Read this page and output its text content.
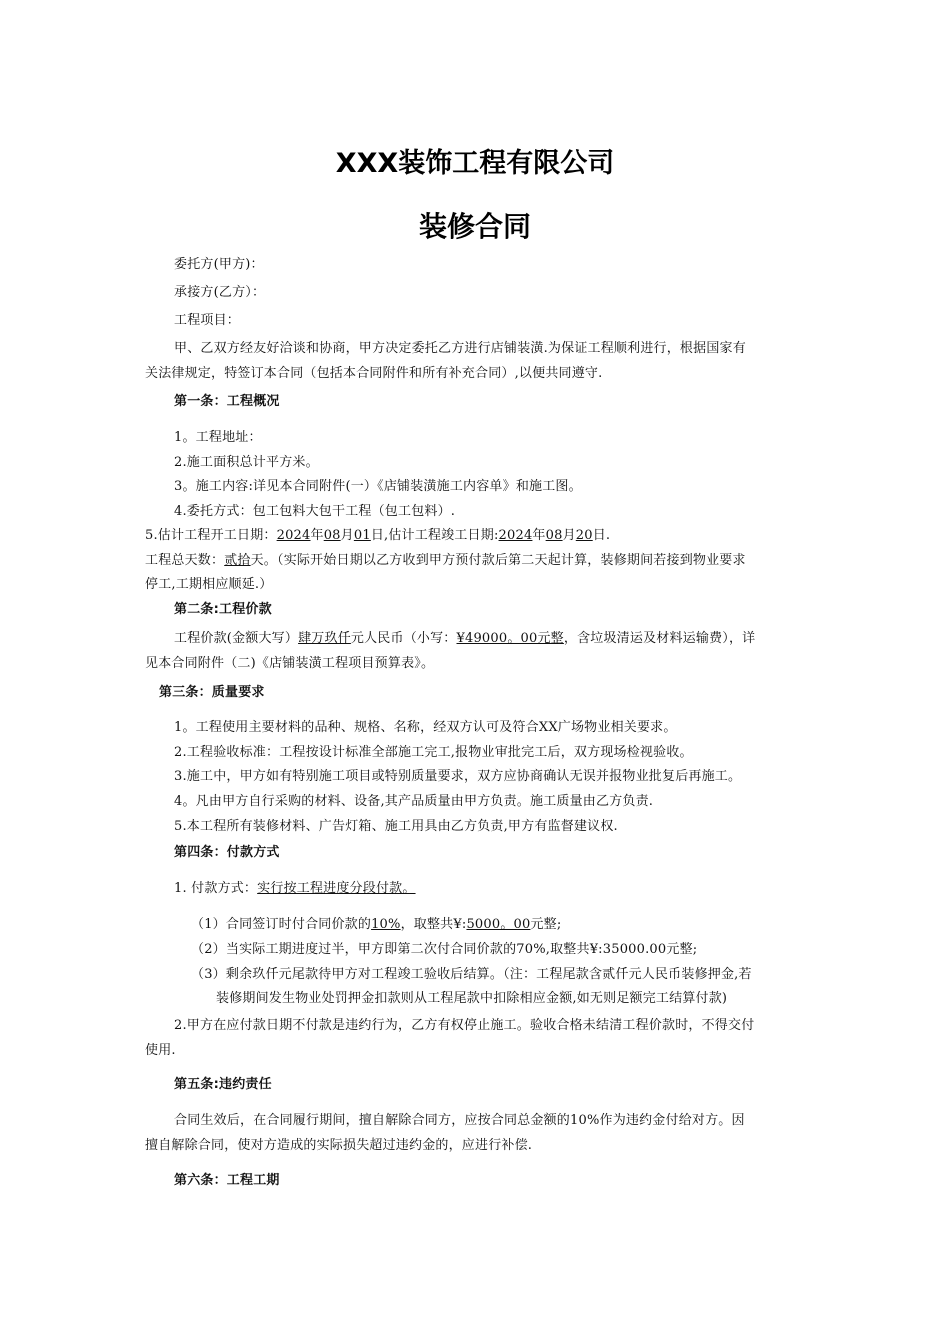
XXX装饰工程有限公司
装修合同
委托方(甲方)：
承接方(乙方）：
工程项目：
甲、乙双方经友好洽谈和协商，甲方决定委托乙方进行店铺装潢.为保证工程顺利进行，根据国家有
关法律规定，特签订本合同（包括本合同附件和所有补充合同）,以便共同遵守.
第一条：工程概况
1。工程地址：
2.施工面积总计平方米。
3。施工内容:详见本合同附件(一）《店铺装潢施工内容单》和施工图。
4.委托方式：包工包料大包干工程（包工包料）.
5.估计工程开工日期：2024年08月01日,估计工程竣工日期:2024年08月20日.
工程总天数：贰拾天。（实际开始日期以乙方收到甲方预付款后第二天起计算，装修期间若接到物业要求
停工,工期相应顺延.）
第二条:工程价款
工程价款(金额大写）肆万玖仟元人民币（小写：¥49000。00元整，含垃圾清运及材料运输费），详
见本合同附件（二)《店铺装潢工程项目预算表》。
第三条：质量要求
1。工程使用主要材料的品种、规格、名称，经双方认可及符合XX广场物业相关要求。
2.工程验收标准：工程按设计标准全部施工完工,报物业审批完工后，双方现场检视验收。
3.施工中，甲方如有特别施工项目或特别质量要求，双方应协商确认无误并报物业批复后再施工。
4。凡由甲方自行采购的材料、设备,其产品质量由甲方负责。施工质量由乙方负责.
5.本工程所有装修材料、广告灯箱、施工用具由乙方负责,甲方有监督建议权.
第四条：付款方式
1. 付款方式：实行按工程进度分段付款。
（1）合同签订时付合同价款的10%，取整共¥:5000。00元整;
（2）当实际工期进度过半，甲方即第二次付合同价款的70%,取整共¥:35000.00元整;
（3）剩余玖仟元尾款待甲方对工程竣工验收后结算。（注：工程尾款含贰仟元人民币装修押金,若
装修期间发生物业处罚押金扣款则从工程尾款中扣除相应金额,如无则足额完工结算付款)
2.甲方在应付款日期不付款是违约行为，乙方有权停止施工。验收合格未结清工程价款时，不得交付
使用.
第五条:违约责任
合同生效后，在合同履行期间，擅自解除合同方，应按合同总金额的10%作为违约金付给对方。因
擅自解除合同，使对方造成的实际损失超过违约金的，应进行补偿.
第六条：工程工期
